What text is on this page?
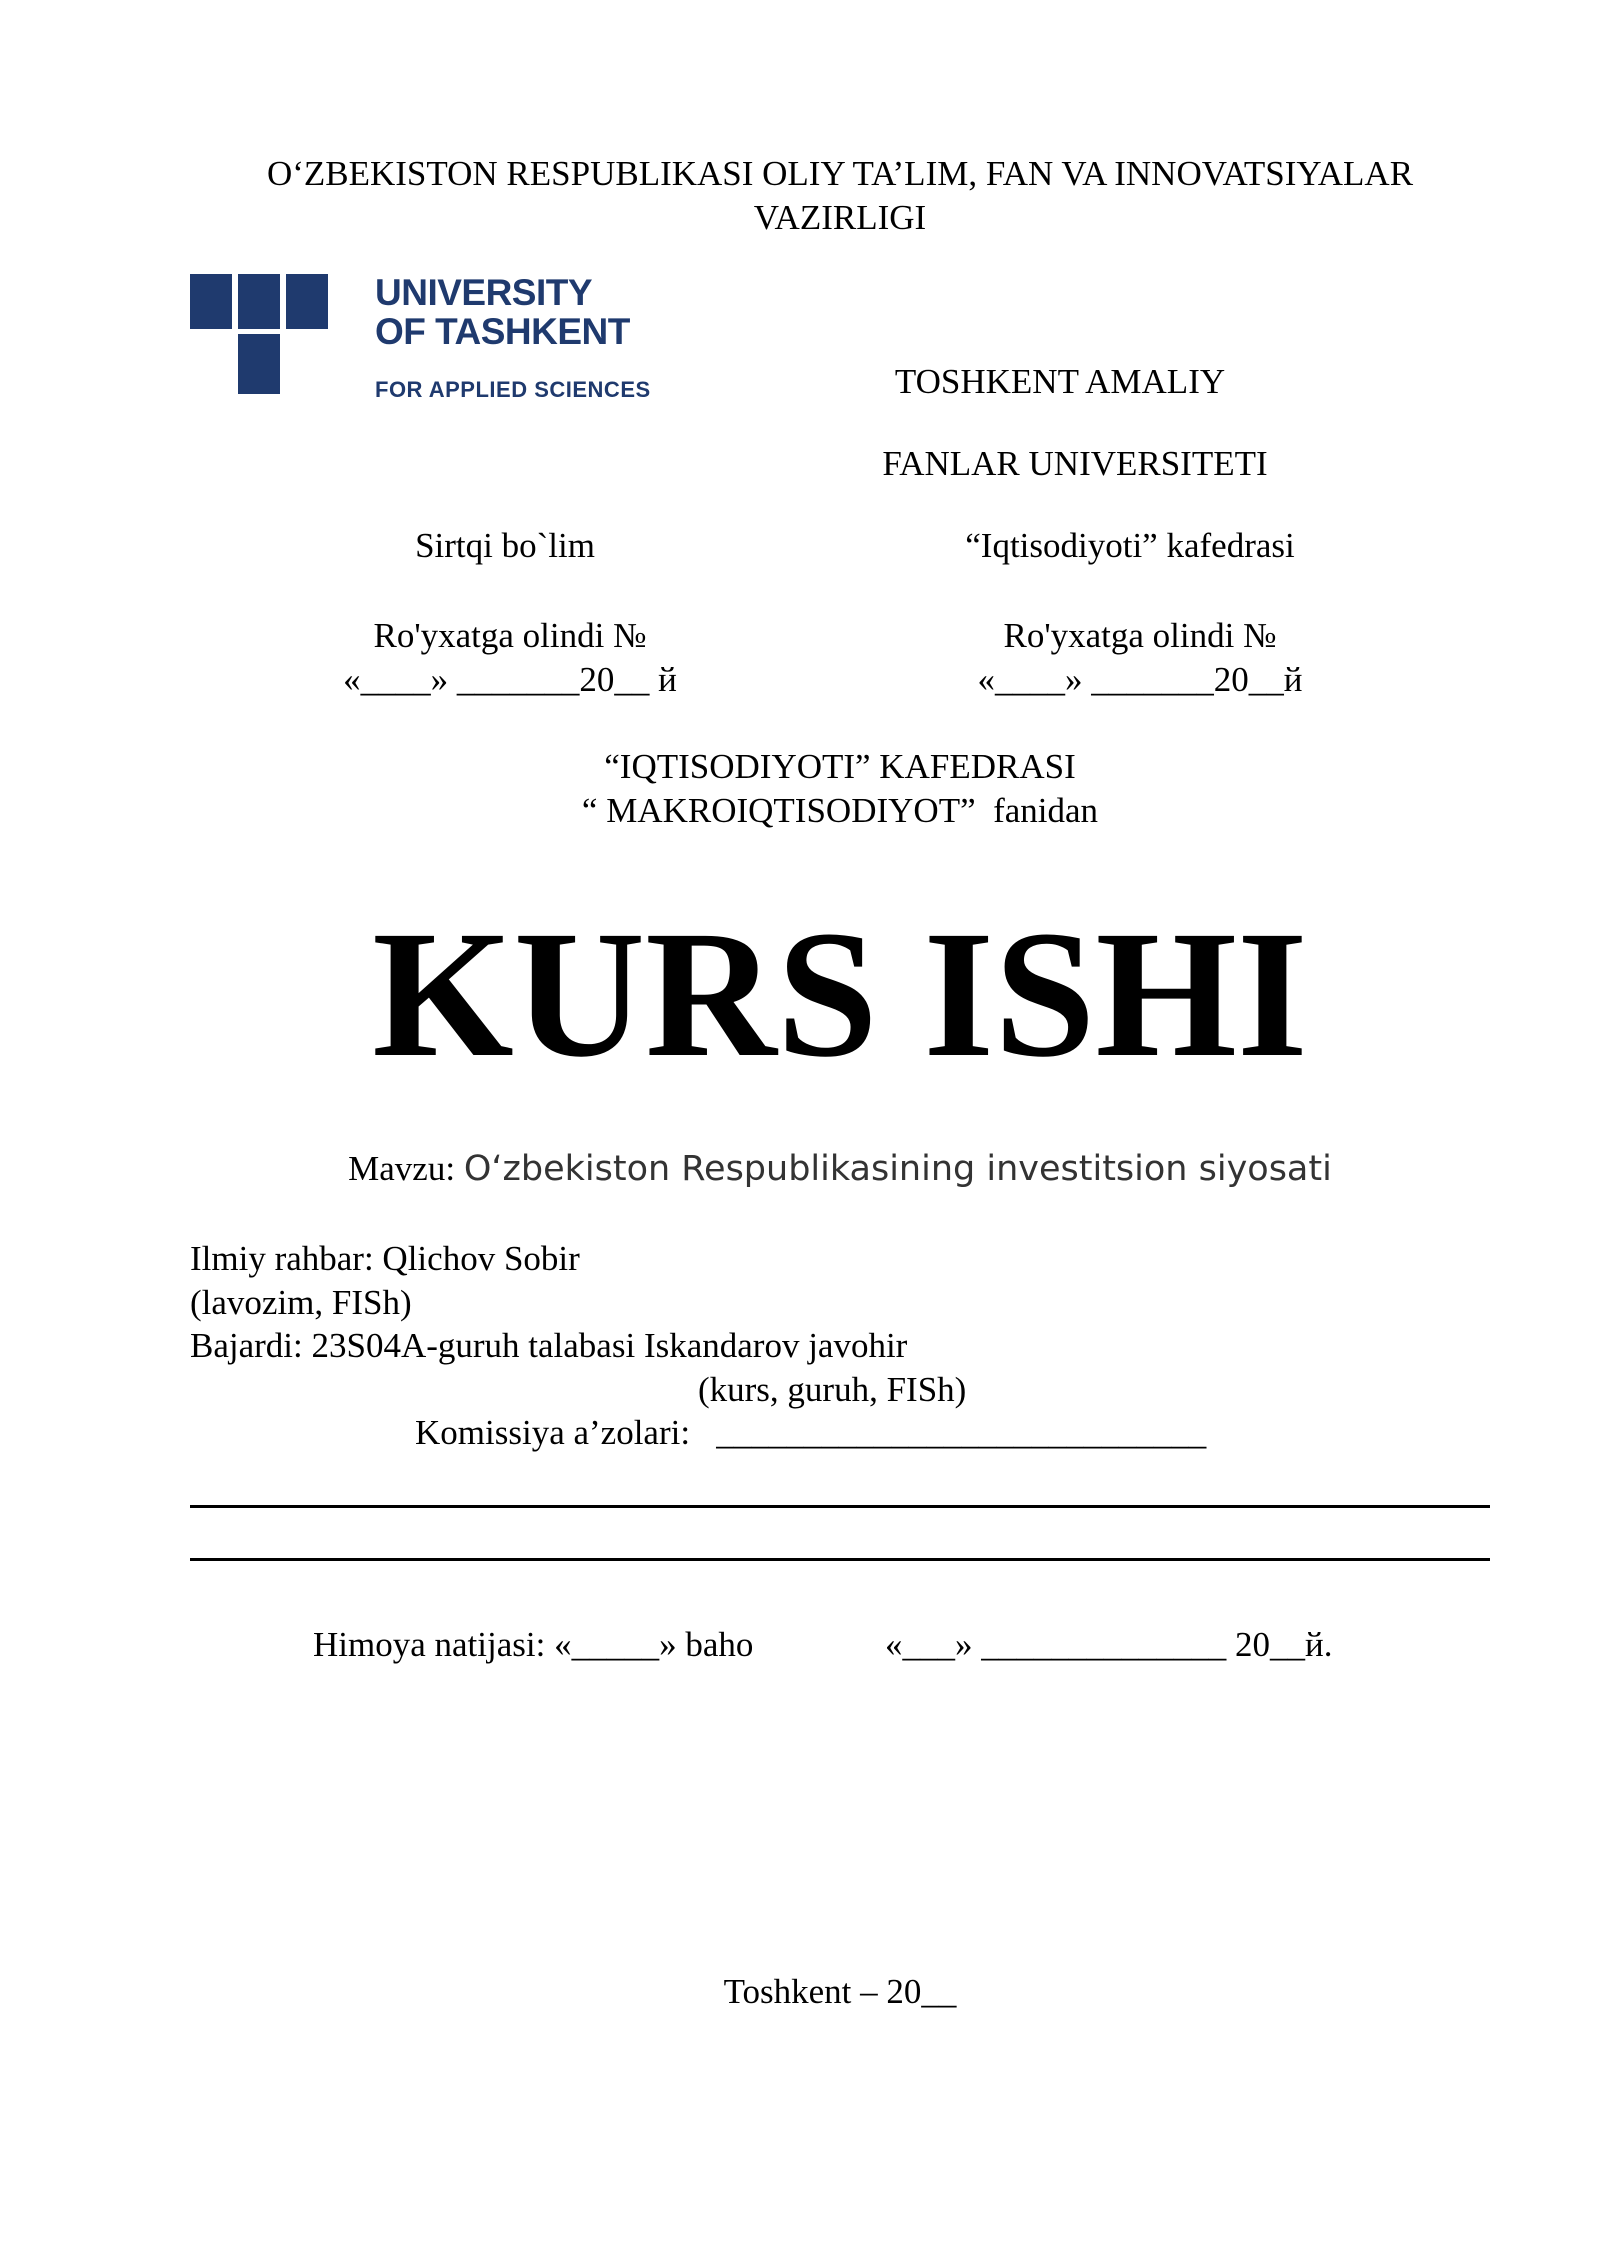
O‘ZBEKISTON RESPUBLIKASI OLIY TA’LIM, FAN VA INNOVATSIYALAR
VAZIRLIGI
UNIVERSITY
OF TASHKENT
FOR APPLIED SCIENCES	TOSHKENT AMALIY
FANLAR UNIVERSITETI
Sirtqi bo`lim	“Iqtisodiyoti” kafedrasi
Ro'yxatga olindi №
«____» _______20__ й
Ro'yxatga olindi №
«____» _______20__й
“IQTISODIYOTI” KAFEDRASI
“ MAKROIQTISODIYOT”  fanidan
KURS ISHI
Mavzu: O‘zbekiston Respublikasining investitsion siyosati
Ilmiy rahbar: Qlichov Sobir
(lavozim, FISh)
Bajardi: 23S04A-guruh talabasi Iskandarov javohir
(kurs, guruh, FISh)
Komissiya a’zolari:   ____________________________
Himoya natijasi: «_____» baho	«___» ______________ 20__й.
Toshkent – 20__
